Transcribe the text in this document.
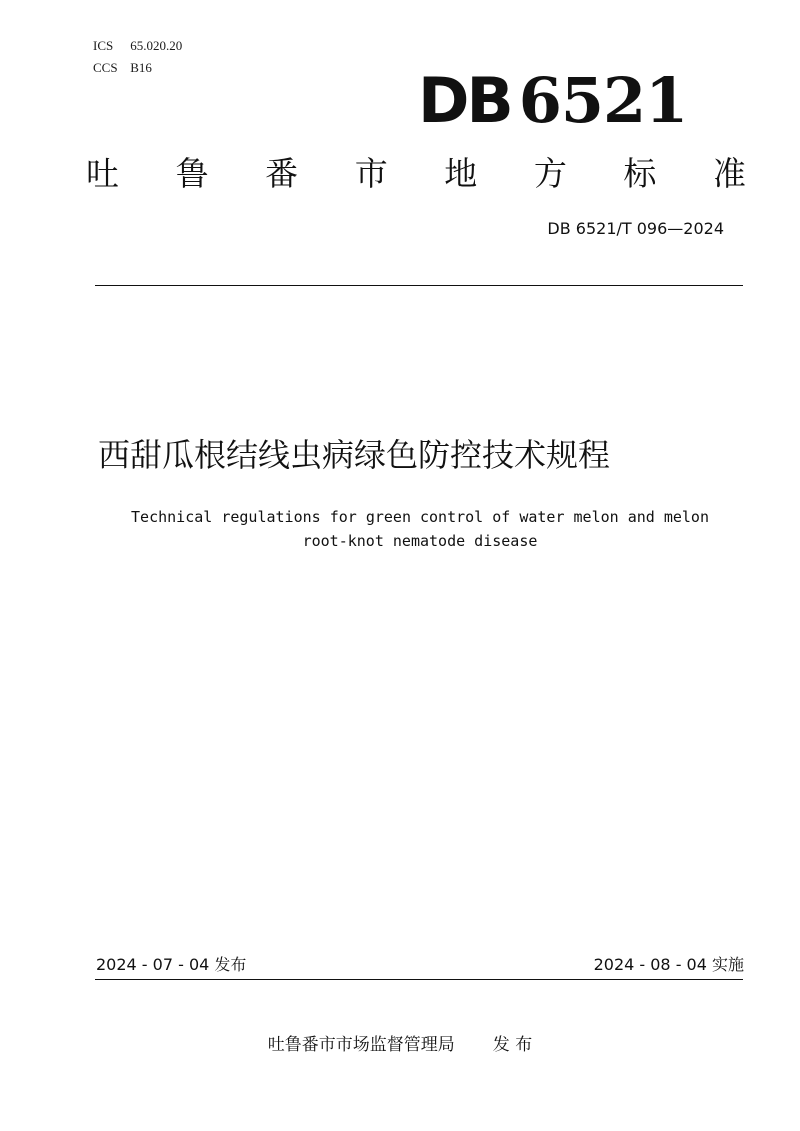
ICS 65.020.20
CCS B16	DB 6521
吐 鲁 番 市 地 方 标 准
DB 6521/T 096—2024
西甜瓜根结线虫病绿色防控技术规程
Technical regulations for green control of water melon and melon
root-knot nematode disease
2024 - 07 - 04 发布	2024 - 08 - 04 实施
吐鲁番市市场监督管理局 发 布
